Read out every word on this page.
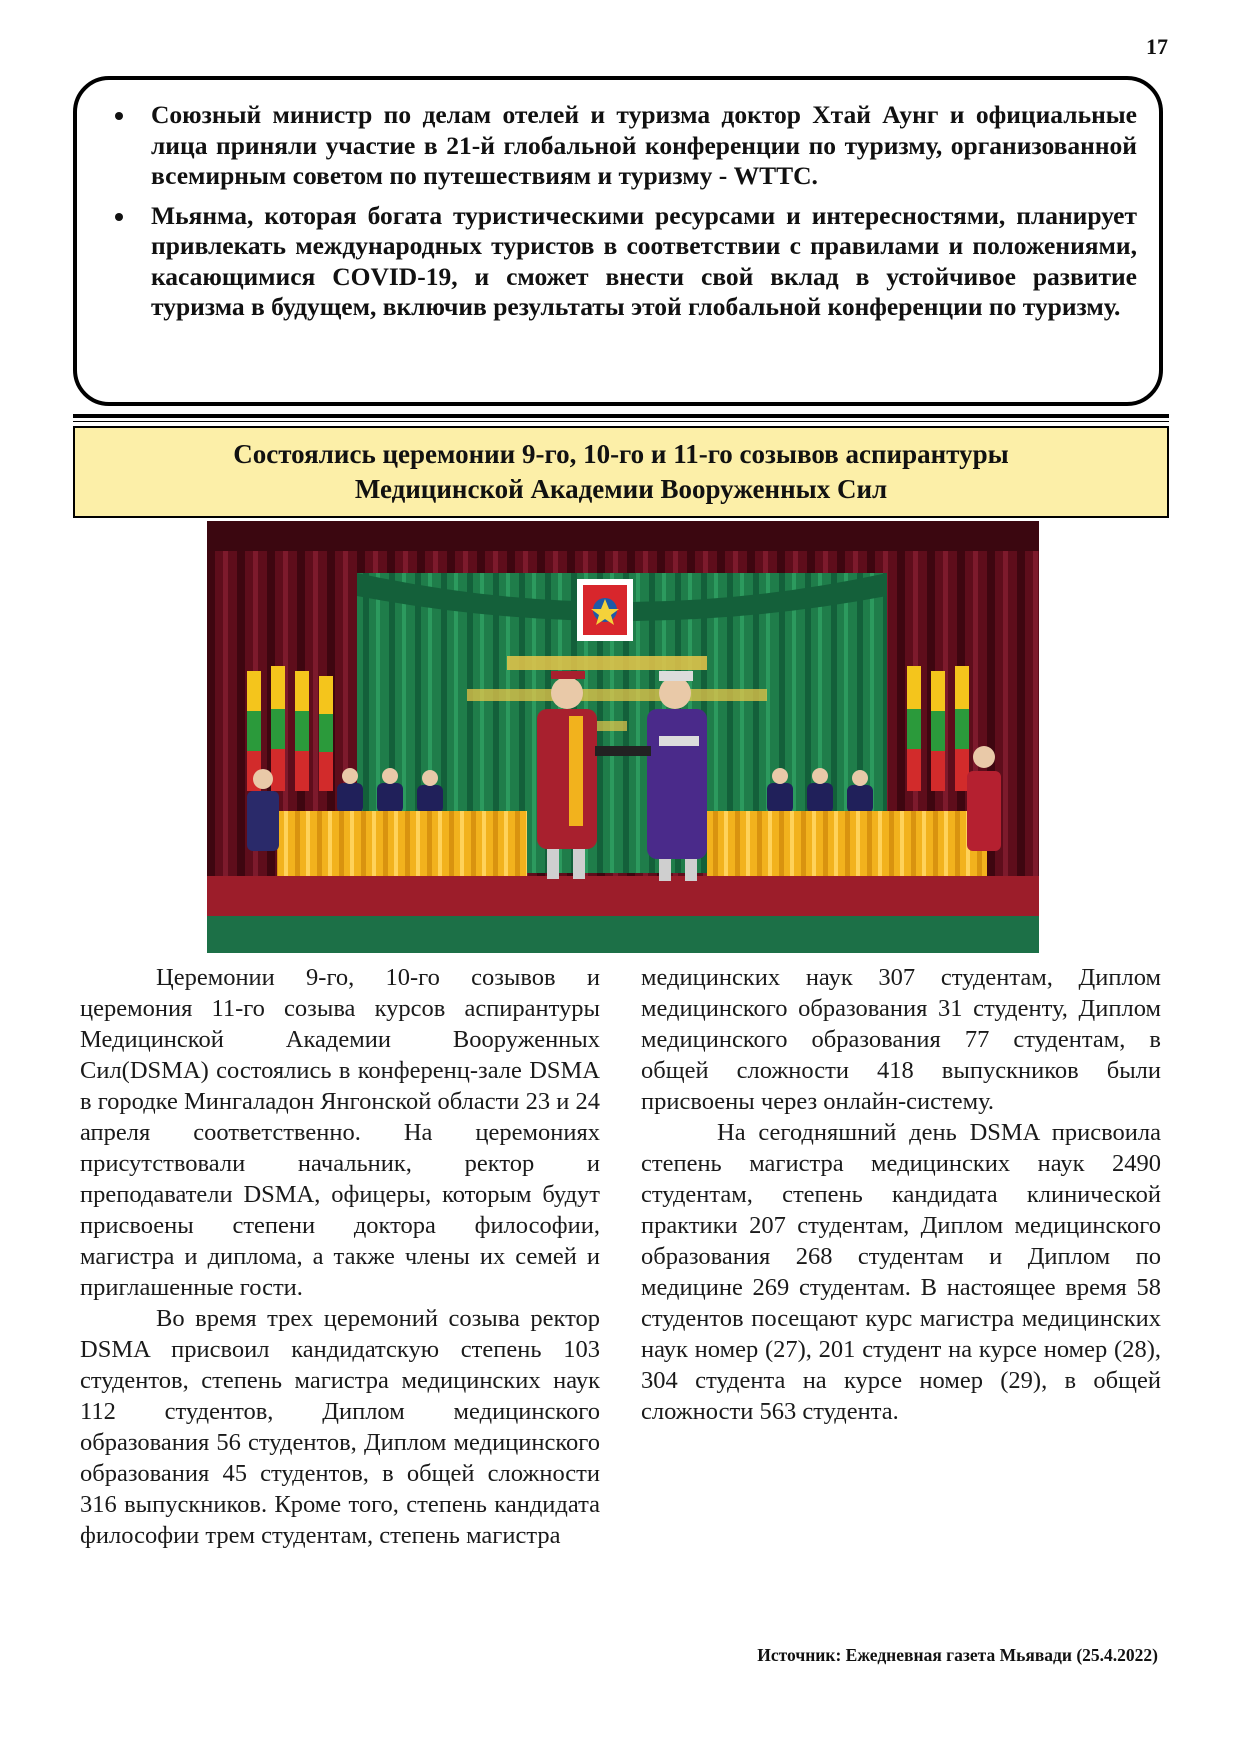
17
• Союзный министр по делам отелей и туризма доктор Хтай Аунг и официальные лица приняли участие в 21-й глобальной конференции по туризму, организованной всемирным советом по путешествиям и туризму - WTTC.
• Мьянма, которая богата туристическими ресурсами и интересностями, планирует привлекать международных туристов в соответствии с правилами и положениями, касающимися COVID-19, и сможет внести свой вклад в устойчивое развитие туризма в будущем, включив результаты этой глобальной конференции по туризму.
Состоялись церемонии 9-го, 10-го и 11-го созывов аспирантуры
Медицинской Академии Вооруженных Сил

Церемонии 9-го, 10-го созывов и церемония 11-го созыва курсов аспирантуры Медицинской Академии Вооруженных Сил(DSMA) состоялись в конференц-зале DSMA в городке Мингаладон Янгонской области 23 и 24 апреля соответственно. На церемониях присутствовали начальник, ректор и преподаватели DSMA, офицеры, которым будут присвоены степени доктора философии, магистра и диплома, а также члены их семей и приглашенные гости.

Во время трех церемоний созыва ректор DSMA присвоил кандидатскую степень 103 студентов, степень магистра медицинских наук 112 студентов, Диплом медицинского образования 56 студентов, Диплом медицинского образования 45 студентов, в общей сложности 316 выпускников. Кроме того, степень кандидата философии трем студентам, степень магистра

медицинских наук 307 студентам, Диплом медицинского образования 31 студенту, Диплом медицинского образования 77 студентам, в общей сложности 418 выпускников были присвоены через онлайн-систему.

На сегодняшний день DSMA присвоила степень магистра медицинских наук 2490 студентам, степень кандидата клинической практики 207 студентам, Диплом медицинского образования 268 студентам и Диплом по медицине 269 студентам. В настоящее время 58 студентов посещают курс магистра медицинских наук номер (27), 201 студент на курсе номер (28), 304 студента на курсе номер (29), в общей сложности 563 студента.

Источник: Ежедневная газета Мьявади (25.4.2022)
